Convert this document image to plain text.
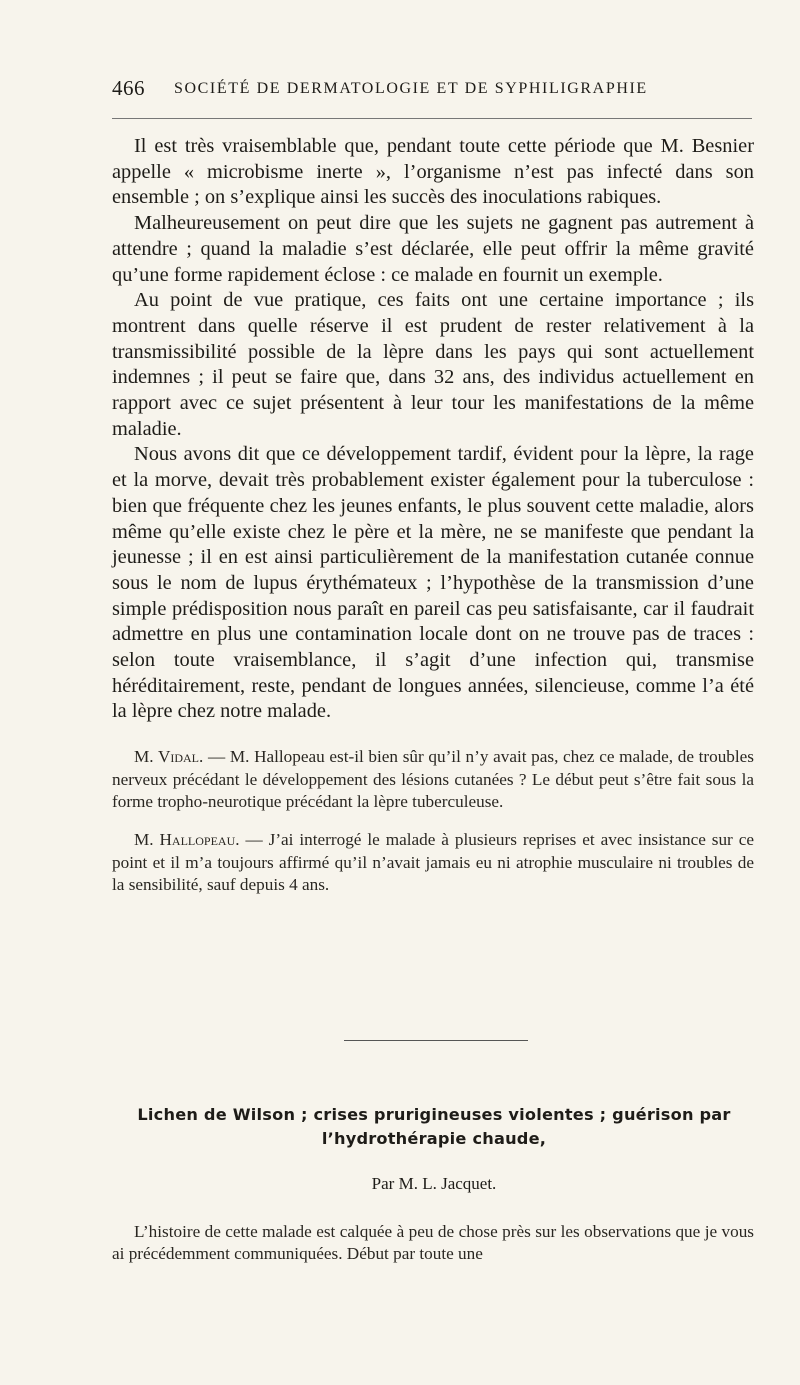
466 SOCIÉTÉ DE DERMATOLOGIE ET DE SYPHILIGRAPHIE

Il est très vraisemblable que, pendant toute cette période que M. Besnier appelle « microbisme inerte », l’organisme n’est pas infecté dans son ensemble ; on s’explique ainsi les succès des inoculations rabiques.

Malheureusement on peut dire que les sujets ne gagnent pas autrement à attendre ; quand la maladie s’est déclarée, elle peut offrir la même gravité qu’une forme rapidement éclose : ce malade en fournit un exemple.

Au point de vue pratique, ces faits ont une certaine importance ; ils montrent dans quelle réserve il est prudent de rester relativement à la transmissibilité possible de la lèpre dans les pays qui sont actuellement indemnes ; il peut se faire que, dans 32 ans, des individus actuellement en rapport avec ce sujet présentent à leur tour les manifestations de la même maladie.

Nous avons dit que ce développement tardif, évident pour la lèpre, la rage et la morve, devait très probablement exister également pour la tuberculose : bien que fréquente chez les jeunes enfants, le plus souvent cette maladie, alors même qu’elle existe chez le père et la mère, ne se manifeste que pendant la jeunesse ; il en est ainsi particulièrement de la manifestation cutanée connue sous le nom de lupus érythémateux ; l’hypothèse de la transmission d’une simple prédisposition nous paraît en pareil cas peu satisfaisante, car il faudrait admettre en plus une contamination locale dont on ne trouve pas de traces : selon toute vraisemblance, il s’agit d’une infection qui, transmise héréditairement, reste, pendant de longues années, silencieuse, comme l’a été la lèpre chez notre malade.

M. Vidal. — M. Hallopeau est-il bien sûr qu’il n’y avait pas, chez ce malade, de troubles nerveux précédant le développement des lésions cutanées ? Le début peut s’être fait sous la forme tropho-neurotique précédant la lèpre tuberculeuse.

M. Hallopeau. — J’ai interrogé le malade à plusieurs reprises et avec insistance sur ce point et il m’a toujours affirmé qu’il n’avait jamais eu ni atrophie musculaire ni troubles de la sensibilité, sauf depuis 4 ans.

Lichen de Wilson ; crises prurigineuses violentes ; guérison par
l’hydrothérapie chaude,
Par M. L. Jacquet.

L’histoire de cette malade est calquée à peu de chose près sur les observations que je vous ai précédemment communiquées. Début par toute une
